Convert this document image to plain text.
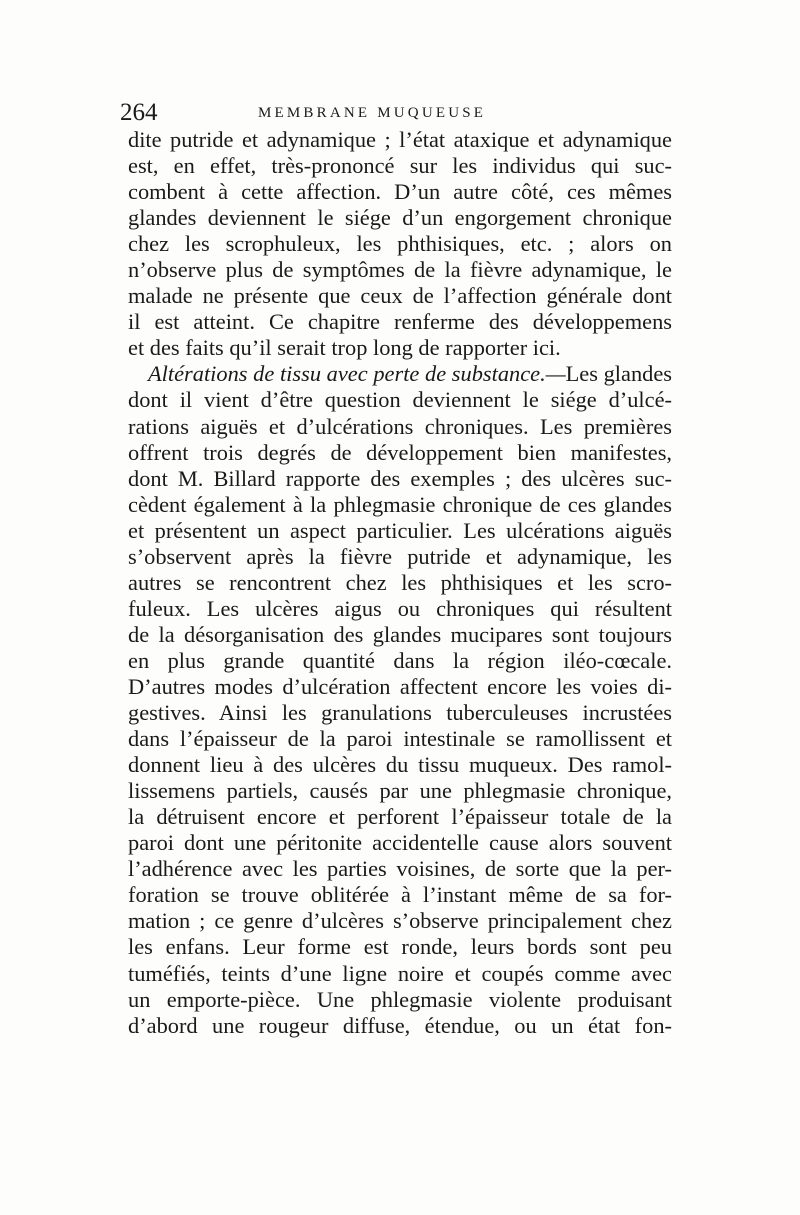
264	MEMBRANE MUQUEUSE
dite putride et adynamique ; l’état ataxique et adynamique
est, en effet, très-prononcé sur les individus qui suc-
combent à cette affection. D’un autre côté, ces mêmes
glandes deviennent le siége d’un engorgement chronique
chez les scrophuleux, les phthisiques, etc. ; alors on
n’observe plus de symptômes de la fièvre adynamique, le
malade ne présente que ceux de l’affection générale dont
il est atteint. Ce chapitre renferme des développemens
et des faits qu’il serait trop long de rapporter ici.
Altérations de tissu avec perte de substance.—Les glandes
dont il vient d’être question deviennent le siége d’ulcé-
rations aiguës et d’ulcérations chroniques. Les premières
offrent trois degrés de développement bien manifestes,
dont M. Billard rapporte des exemples ; des ulcères suc-
cèdent également à la phlegmasie chronique de ces glandes
et présentent un aspect particulier. Les ulcérations aiguës
s’observent après la fièvre putride et adynamique, les
autres se rencontrent chez les phthisiques et les scro-
fuleux. Les ulcères aigus ou chroniques qui résultent
de la désorganisation des glandes mucipares sont toujours
en plus grande quantité dans la région iléo-cœcale.
D’autres modes d’ulcération affectent encore les voies di-
gestives. Ainsi les granulations tuberculeuses incrustées
dans l’épaisseur de la paroi intestinale se ramollissent et
donnent lieu à des ulcères du tissu muqueux. Des ramol-
lissemens partiels, causés par une phlegmasie chronique,
la détruisent encore et perforent l’épaisseur totale de la
paroi dont une péritonite accidentelle cause alors souvent
l’adhérence avec les parties voisines, de sorte que la per-
foration se trouve oblitérée à l’instant même de sa for-
mation ; ce genre d’ulcères s’observe principalement chez
les enfans. Leur forme est ronde, leurs bords sont peu
tuméfiés, teints d’une ligne noire et coupés comme avec
un emporte-pièce. Une phlegmasie violente produisant
d’abord une rougeur diffuse, étendue, ou un état fon-
